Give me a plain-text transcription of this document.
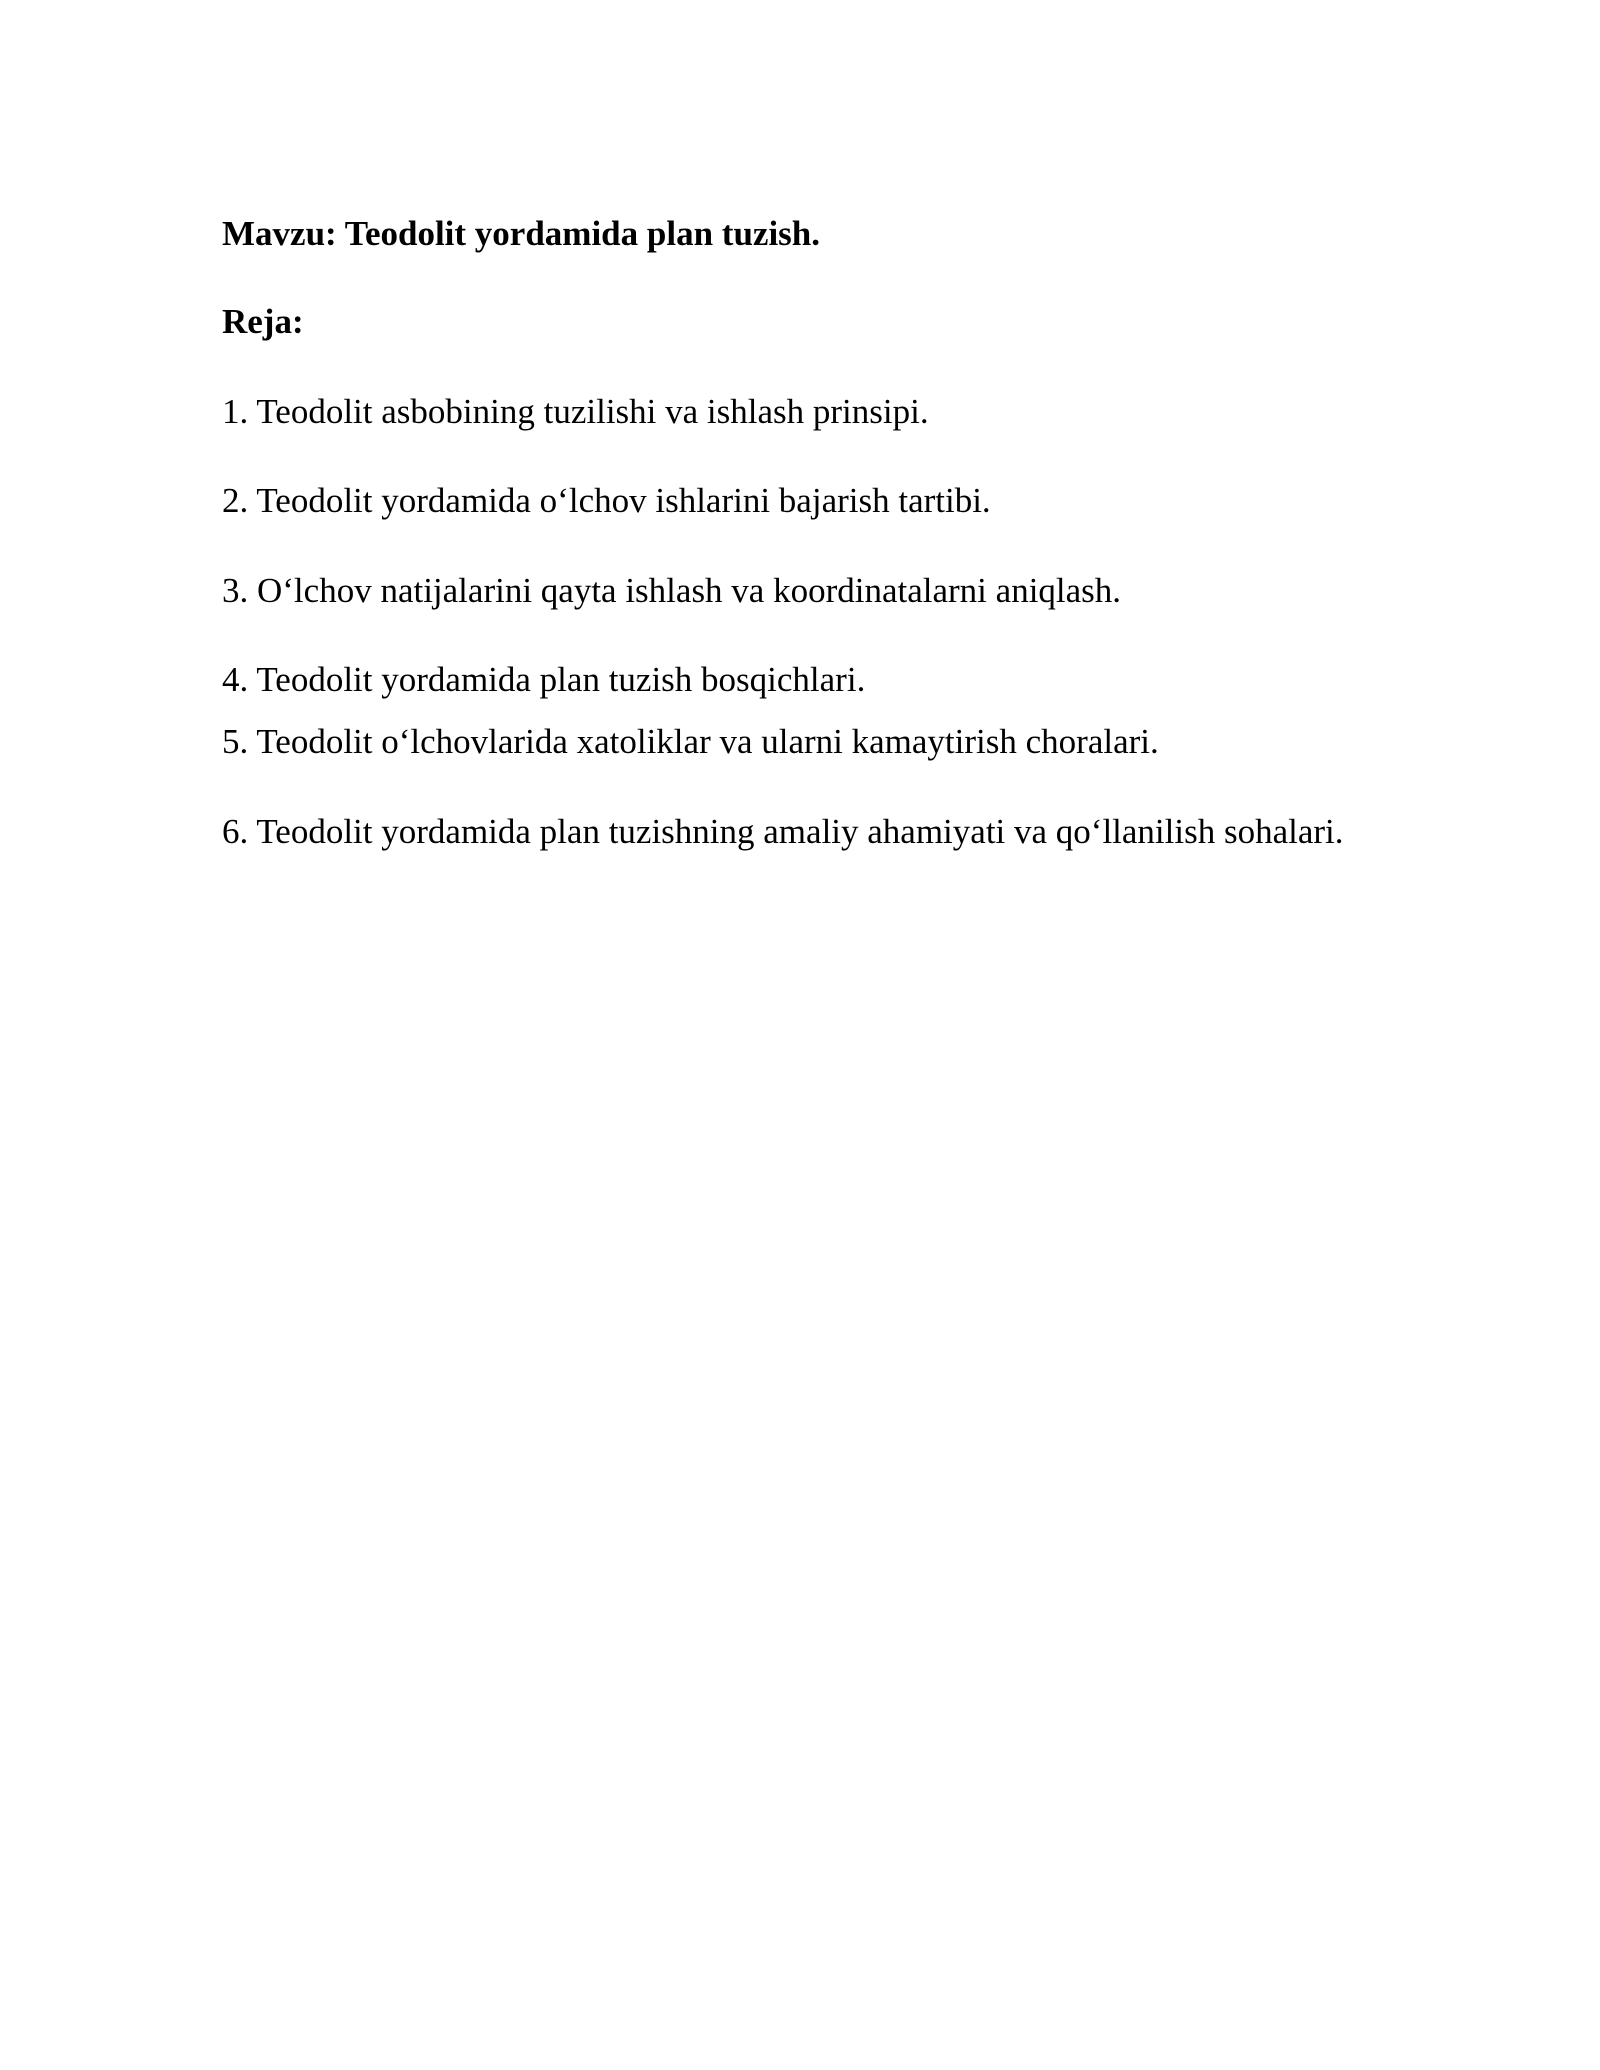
Mavzu: Teodolit yordamida plan tuzish.
Reja:
1. Teodolit asbobining tuzilishi va ishlash prinsipi.
2. Teodolit yordamida o‘lchov ishlarini bajarish tartibi.
3. O‘lchov natijalarini qayta ishlash va koordinatalarni aniqlash.
4. Teodolit yordamida plan tuzish bosqichlari.
5. Teodolit o‘lchovlarida xatoliklar va ularni kamaytirish choralari.
6. Teodolit yordamida plan tuzishning amaliy ahamiyati va qo‘llanilish sohalari.
